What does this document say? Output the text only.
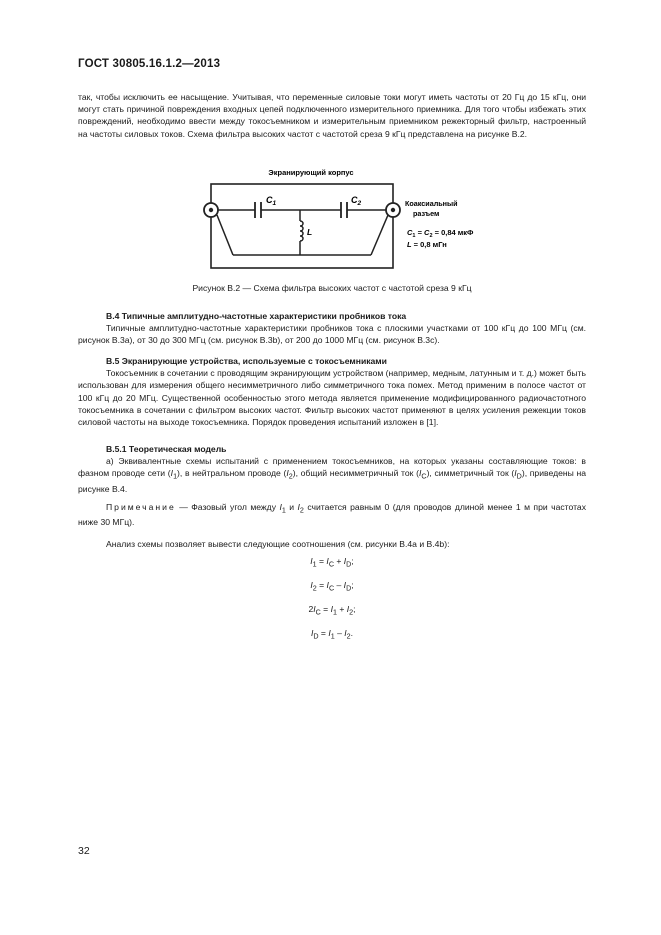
ГОСТ 30805.16.1.2—2013

так, чтобы исключить ее насыщение. Учитывая, что переменные силовые токи могут иметь частоты от 20 Гц до 15 кГц, они могут стать причиной повреждения входных цепей подключенного измерительного приемника. Для того чтобы избежать этих повреждений, необходимо ввести между токосъемником и измерительным приемником режекторный фильтр, настроенный на частоты силовых токов. Схема фильтра высоких частот с частотой среза 9 кГц представлена на рисунке В.2.

Экранирующий корпус
$C_1$	$C_2$
L
Коаксиальный
разъем
$C_1 = C_2 = 0,84$ мкФ
L = 0,8 мГн
Рисунок В.2 — Схема фильтра высоких частот с частотой среза 9 кГц

В.4 Типичные амплитудно-частотные характеристики пробников тока

Типичные амплитудно-частотные характеристики пробников тока с плоскими участками от 100 кГц до 100 МГц (см. рисунок В.3а), от 30 до 300 МГц (см. рисунок В.3b), от 200 до 1000 МГц (см. рисунок В.3с).

В.5 Экранирующие устройства, используемые с токосъемниками

Токосъемник в сочетании с проводящим экранирующим устройством (например, медным, латунным и т. д.) может быть использован для измерения общего несимметричного либо симметричного тока помех. Метод применим в полосе частот от 100 кГц до 20 МГц. Существенной особенностью этого метода является применение модифицированного радиочастотного токосъемника в сочетании с фильтром высоких частот. Фильтр высоких частот применяют в целях усиления режекции токов силовой частоты на выходе токосъемника. Порядок проведения испытаний изложен в [1].

В.5.1 Теоретическая модель

а) Эквивалентные схемы испытаний с применением токосъемников, на которых указаны составляющие токов: в фазном проводе сети $(I_1)$, в нейтральном проводе $(I_2)$, общий несимметричный ток $(I_C)$, симметричный ток $(I_D)$, приведены на рисунке В.4.

Примечание — Фазовый угол между $I_1$ и $I_2$ считается равным 0 (для проводов длиной менее 1 м при частотах ниже 30 МГц).

Анализ схемы позволяет вывести следующие соотношения (см. рисунки В.4а и В.4b):

$I_1 = I_C + I_D$;
$I_2 = I_C - I_D$;
$2I_C = I_1 + I_2$;
$I_D = I_1 - I_2$.
32
